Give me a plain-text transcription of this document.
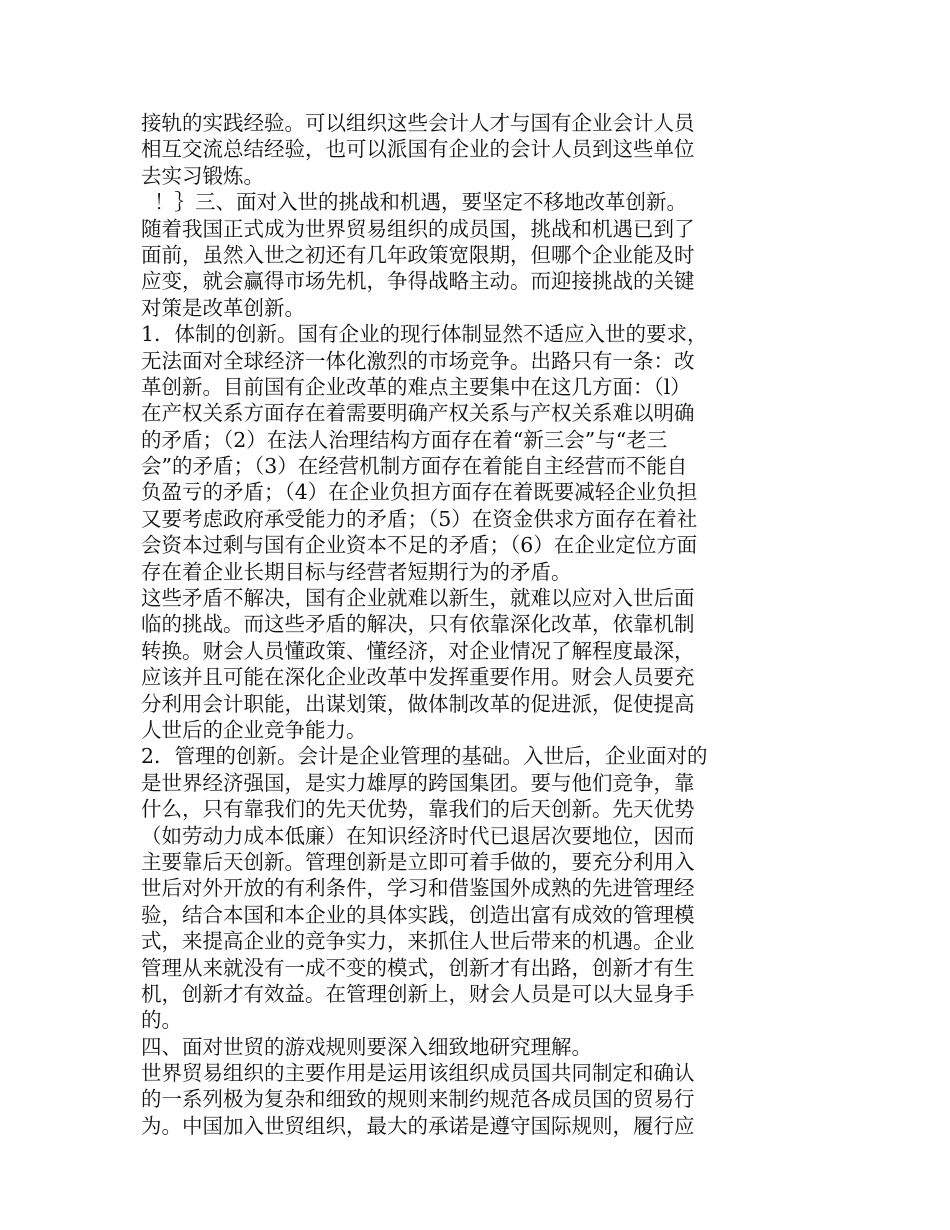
接轨的实践经验。可以组织这些会计人才与国有企业会计人员
相互交流总结经验，也可以派国有企业的会计人员到这些单位
去实习锻炼。
！｝三、面对入世的挑战和机遇，要坚定不移地改革创新。
随着我国正式成为世界贸易组织的成员国，挑战和机遇已到了
面前，虽然入世之初还有几年政策宽限期，但哪个企业能及时
应变，就会赢得市场先机，争得战略主动。而迎接挑战的关键
对策是改革创新。
1．体制的创新。国有企业的现行体制显然不适应入世的要求，
无法面对全球经济一体化激烈的市场竞争。出路只有一条：改
革创新。目前国有企业改革的难点主要集中在这几方面：（l）
在产权关系方面存在着需要明确产权关系与产权关系难以明确
的矛盾；（2）在法人治理结构方面存在着“新三会”与“老三
会”的矛盾；（3）在经营机制方面存在着能自主经营而不能自
负盈亏的矛盾；（4）在企业负担方面存在着既要减轻企业负担
又要考虑政府承受能力的矛盾；（5）在资金供求方面存在着社
会资本过剩与国有企业资本不足的矛盾；（6）在企业定位方面
存在着企业长期目标与经营者短期行为的矛盾。
这些矛盾不解决，国有企业就难以新生，就难以应对入世后面
临的挑战。而这些矛盾的解决，只有依靠深化改革，依靠机制
转换。财会人员懂政策、懂经济，对企业情况了解程度最深，
应该并且可能在深化企业改革中发挥重要作用。财会人员要充
分利用会计职能，出谋划策，做体制改革的促进派，促使提高
人世后的企业竞争能力。
2．管理的创新。会计是企业管理的基础。入世后，企业面对的
是世界经济强国，是实力雄厚的跨国集团。要与他们竞争，靠
什么，只有靠我们的先天优势，靠我们的后天创新。先天优势
（如劳动力成本低廉）在知识经济时代已退居次要地位，因而
主要靠后天创新。管理创新是立即可着手做的，要充分利用入
世后对外开放的有利条件，学习和借鉴国外成熟的先进管理经
验，结合本国和本企业的具体实践，创造出富有成效的管理模
式，来提高企业的竞争实力，来抓住人世后带来的机遇。企业
管理从来就没有一成不变的模式，创新才有出路，创新才有生
机，创新才有效益。在管理创新上，财会人员是可以大显身手
的。
四、面对世贸的游戏规则要深入细致地研究理解。
世界贸易组织的主要作用是运用该组织成员国共同制定和确认
的一系列极为复杂和细致的规则来制约规范各成员国的贸易行
为。中国加入世贸组织，最大的承诺是遵守国际规则，履行应
